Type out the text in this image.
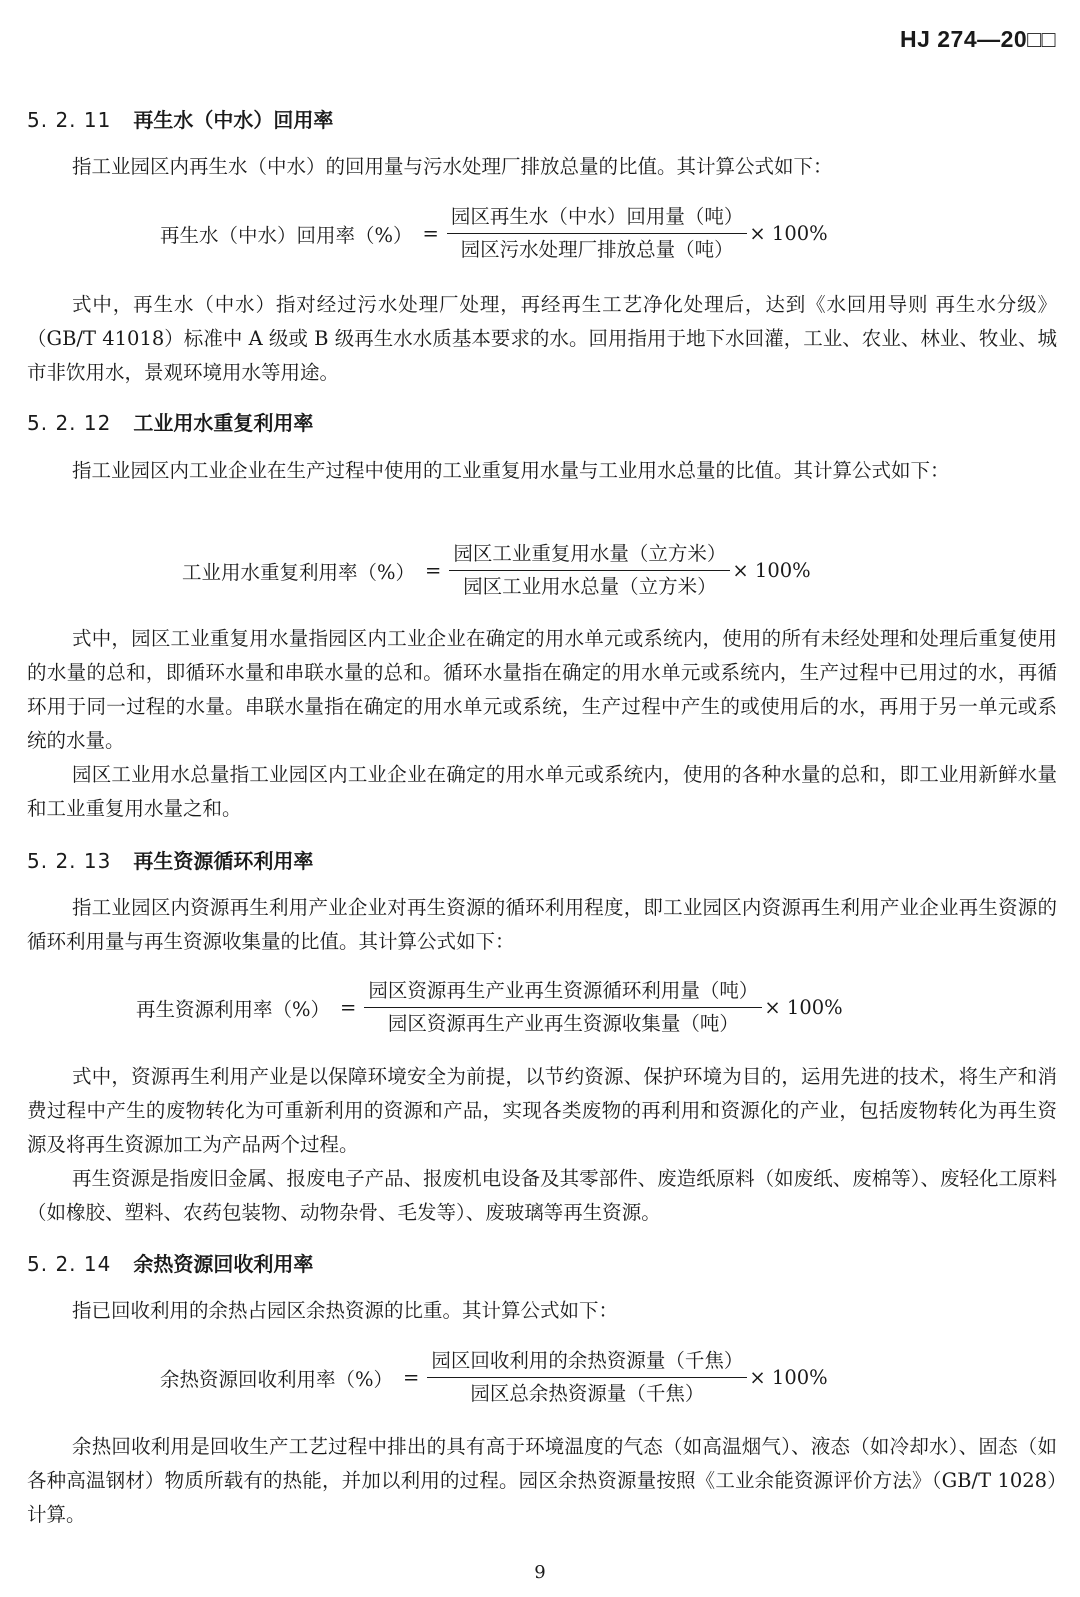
HJ 274—20□□
5. 2. 11 再生水（中水）回用率

指工业园区内再生水（中水）的回用量与污水处理厂排放总量的比值。其计算公式如下：

再生水（中水）回用率（%） = $\frac{\text{园区再生水（中水）回用量（吨）}}{\text{园区污水处理厂排放总量（吨）}} \times 100\%$

式中，再生水（中水）指对经过污水处理厂处理，再经再生工艺净化处理后，达到《水回用导则 再生水分级》（GB/T 41018）标准中 A 级或 B 级再生水水质基本要求的水。回用指用于地下水回灌，工业、农业、林业、牧业、城市非饮用水，景观环境用水等用途。

5. 2. 12 工业用水重复利用率

指工业园区内工业企业在生产过程中使用的工业重复用水量与工业用水总量的比值。其计算公式如下：

工业用水重复利用率（%） = $\frac{\text{园区工业重复用水量（立方米）}}{\text{园区工业用水总量（立方米）}} \times 100\%$

式中，园区工业重复用水量指园区内工业企业在确定的用水单元或系统内，使用的所有未经处理和处理后重复使用的水量的总和，即循环水量和串联水量的总和。循环水量指在确定的用水单元或系统内，生产过程中已用过的水，再循环用于同一过程的水量。串联水量指在确定的用水单元或系统，生产过程中产生的或使用后的水，再用于另一单元或系统的水量。

园区工业用水总量指工业园区内工业企业在确定的用水单元或系统内，使用的各种水量的总和，即工业用新鲜水量和工业重复用水量之和。

5. 2. 13 再生资源循环利用率

指工业园区内资源再生利用产业企业对再生资源的循环利用程度，即工业园区内资源再生利用产业企业再生资源的循环利用量与再生资源收集量的比值。其计算公式如下：

再生资源利用率（%） = $\frac{\text{园区资源再生产业再生资源循环利用量（吨）}}{\text{园区资源再生产业再生资源收集量（吨）}} \times 100\%$

式中，资源再生利用产业是以保障环境安全为前提，以节约资源、保护环境为目的，运用先进的技术，将生产和消费过程中产生的废物转化为可重新利用的资源和产品，实现各类废物的再利用和资源化的产业，包括废物转化为再生资源及将再生资源加工为产品两个过程。

再生资源是指废旧金属、报废电子产品、报废机电设备及其零部件、废造纸原料（如废纸、废棉等）、废轻化工原料（如橡胶、塑料、农药包装物、动物杂骨、毛发等）、废玻璃等再生资源。

5. 2. 14 余热资源回收利用率

指已回收利用的余热占园区余热资源的比重。其计算公式如下：

余热资源回收利用率（%） = $\frac{\text{园区回收利用的余热资源量（千焦）}}{\text{园区总余热资源量（千焦）}} \times 100\%$

余热回收利用是回收生产工艺过程中排出的具有高于环境温度的气态（如高温烟气）、液态（如冷却水）、固态（如各种高温钢材）物质所载有的热能，并加以利用的过程。园区余热资源量按照《工业余能资源评价方法》（GB/T 1028）计算。

9
